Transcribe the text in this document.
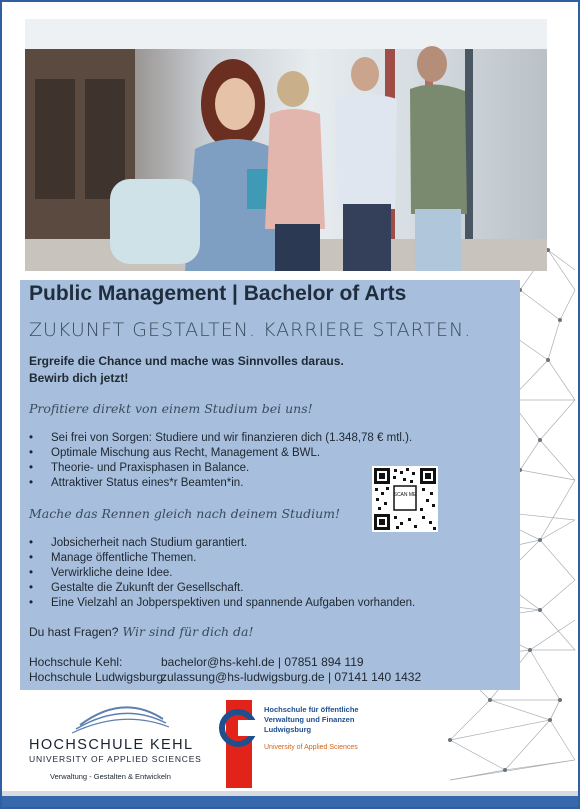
Public Management | Bachelor of Arts
ZUKUNFT GESTALTEN. KARRIERE STARTEN.
Ergreife die Chance und mache was Sinnvolles daraus.
Bewirb dich jetzt!
Profitiere direkt von einem Studium bei uns!
• Sei frei von Sorgen: Studiere und wir finanzieren dich (1.348,78 € mtl.).
• Optimale Mischung aus Recht, Management & BWL.
• Theorie- und Praxisphasen in Balance.
• Attraktiver Status eines*r Beamten*in.
SCAN ME
Mache das Rennen gleich nach deinem Studium!
• Jobsicherheit nach Studium garantiert.
• Manage öffentliche Themen.
• Verwirkliche deine Idee.
• Gestalte die Zukunft der Gesellschaft.
• Eine Vielzahl an Jobperspektiven und spannende Aufgaben vorhanden.
Du hast Fragen? Wir sind für dich da!
Hochschule Kehl:	bachelor@hs-kehl.de | 07851 894 119
Hochschule Ludwigsburg:zulassung@hs-ludwigsburg.de | 07141 140 1432
HOCHSCHULE KEHL
UNIVERSITY OF APPLIED SCIENCES
Verwaltung - Gestalten & Entwickeln
Hochschule für öffentliche
Verwaltung und Finanzen
Ludwigsburg
University of Applied Sciences
